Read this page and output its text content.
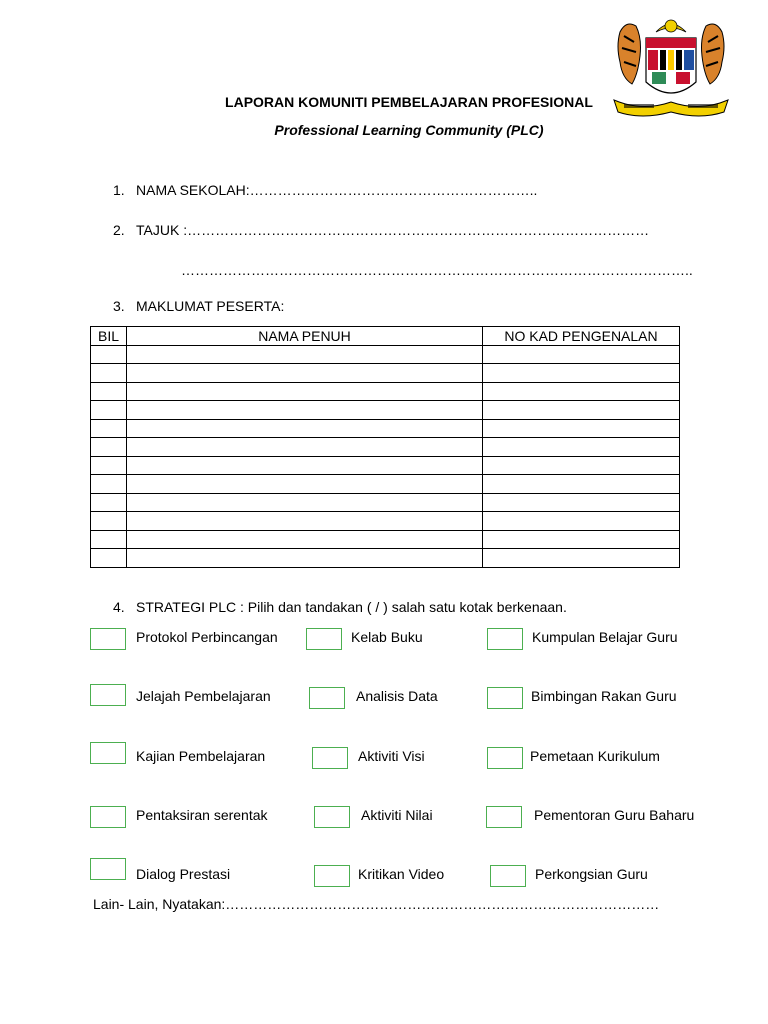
LAPORAN KOMUNITI PEMBELAJARAN PROFESIONAL
Professional Learning Community (PLC)
1. NAMA SEKOLAH:……………………………………………………..
2. TAJUK :………………………………………………………………………………………
………………………………………………………………………………………………..
3. MAKLUMAT PESERTA:
BIL	NAMA PENUH	NO KAD PENGENALAN

4. STRATEGI PLC : Pilih dan tandakan ( / ) salah satu kotak berkenaan.
Protokol Perbincangan	Kelab Buku	Kumpulan Belajar Guru
Jelajah Pembelajaran	Analisis Data	Bimbingan Rakan Guru
Kajian Pembelajaran	Aktiviti Visi	Pemetaan Kurikulum
Pentaksiran serentak	Aktiviti Nilai	Pementoran Guru Baharu
Dialog Prestasi	Kritikan Video	Perkongsian Guru
Lain- Lain, Nyatakan:…………………………………………………………………………………
